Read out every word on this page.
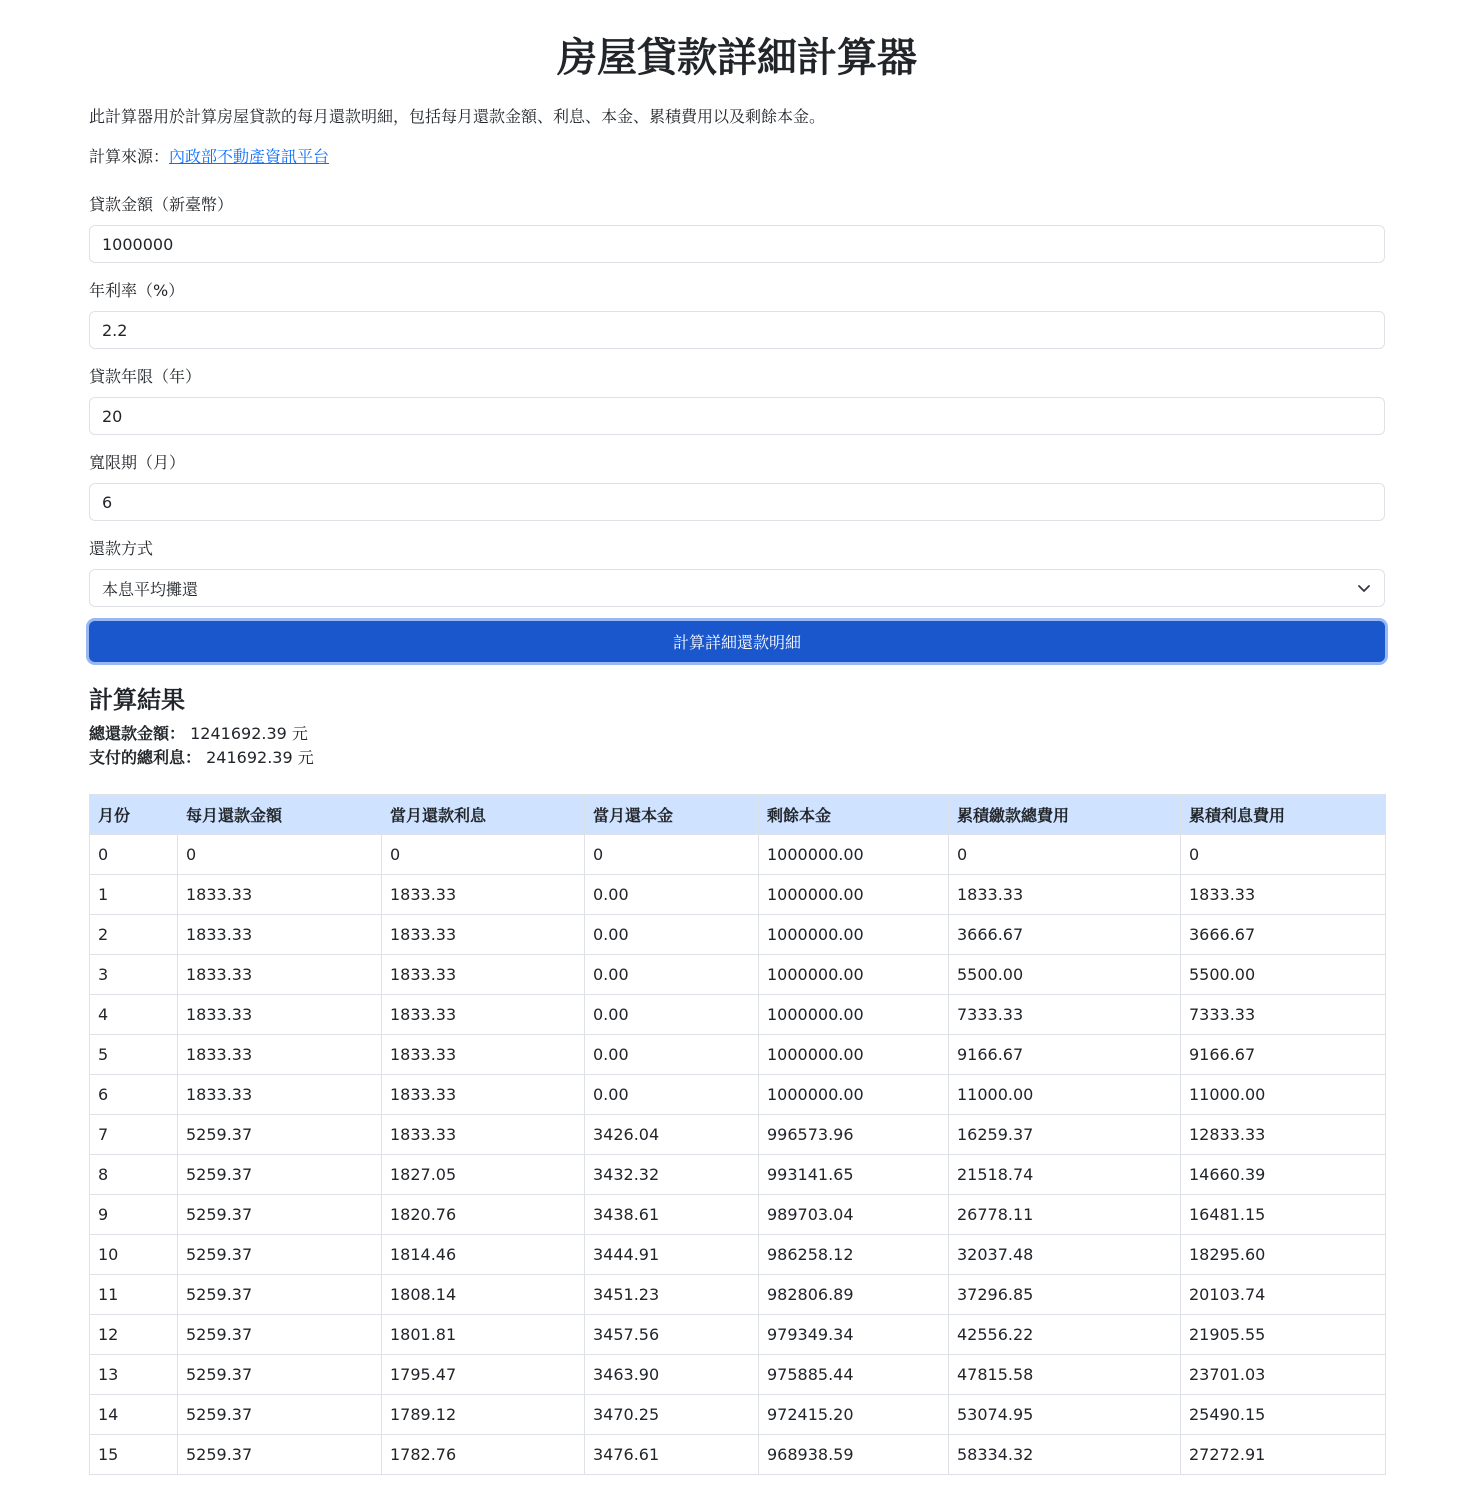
房屋貸款詳細計算器

此計算器用於計算房屋貸款的每月還款明細，包括每月還款金額、利息、本金、累積費用以及剩餘本金。

計算來源：內政部不動產資訊平台

貸款金額（新臺幣）
1000000
年利率（%）
2.2
貸款年限（年）
20
寬限期（月）
6
還款方式
本息平均攤還
計算詳細還款明細
計算結果
總還款金額： 1241692.39 元
支付的總利息： 241692.39 元
月份	每月還款金額	當月還款利息	當月還本金	剩餘本金	累積繳款總費用	累積利息費用
0	0	0	0	1000000.00	0	0
1	1833.33	1833.33	0.00	1000000.00	1833.33	1833.33
2	1833.33	1833.33	0.00	1000000.00	3666.67	3666.67
3	1833.33	1833.33	0.00	1000000.00	5500.00	5500.00
4	1833.33	1833.33	0.00	1000000.00	7333.33	7333.33
5	1833.33	1833.33	0.00	1000000.00	9166.67	9166.67
6	1833.33	1833.33	0.00	1000000.00	11000.00	11000.00
7	5259.37	1833.33	3426.04	996573.96	16259.37	12833.33
8	5259.37	1827.05	3432.32	993141.65	21518.74	14660.39
9	5259.37	1820.76	3438.61	989703.04	26778.11	16481.15
10	5259.37	1814.46	3444.91	986258.12	32037.48	18295.60
11	5259.37	1808.14	3451.23	982806.89	37296.85	20103.74
12	5259.37	1801.81	3457.56	979349.34	42556.22	21905.55
13	5259.37	1795.47	3463.90	975885.44	47815.58	23701.03
14	5259.37	1789.12	3470.25	972415.20	53074.95	25490.15
15	5259.37	1782.76	3476.61	968938.59	58334.32	27272.91
